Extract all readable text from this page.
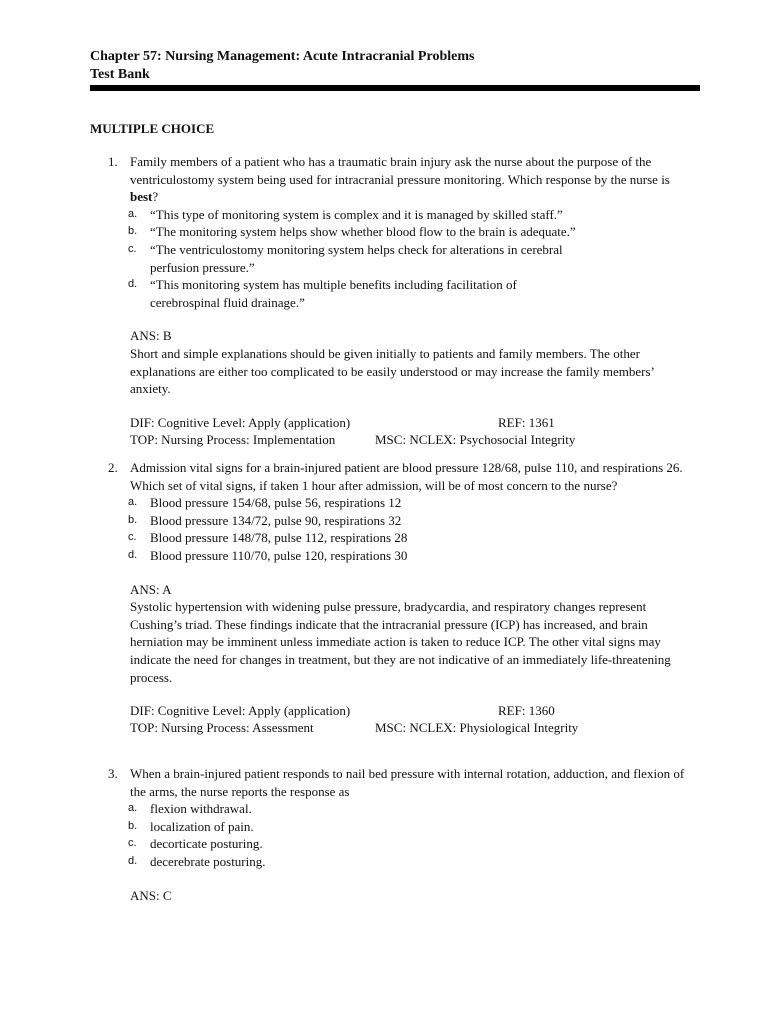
Chapter 57: Nursing Management: Acute Intracranial Problems
Test Bank
MULTIPLE CHOICE
1. Family members of a patient who has a traumatic brain injury ask the nurse about the purpose of the ventriculostomy system being used for intracranial pressure monitoring. Which response by the nurse is best?
a. “This type of monitoring system is complex and it is managed by skilled staff.”
b. “The monitoring system helps show whether blood flow to the brain is adequate.”
c. “The ventriculostomy monitoring system helps check for alterations in cerebral perfusion pressure.”
d. “This monitoring system has multiple benefits including facilitation of cerebrospinal fluid drainage.”
ANS: B
Short and simple explanations should be given initially to patients and family members. The other explanations are either too complicated to be easily understood or may increase the family members’ anxiety.
DIF: Cognitive Level: Apply (application)	REF: 1361
TOP: Nursing Process: Implementation	MSC: NCLEX: Psychosocial Integrity
2. Admission vital signs for a brain-injured patient are blood pressure 128/68, pulse 110, and respirations 26. Which set of vital signs, if taken 1 hour after admission, will be of most concern to the nurse?
a. Blood pressure 154/68, pulse 56, respirations 12
b. Blood pressure 134/72, pulse 90, respirations 32
c. Blood pressure 148/78, pulse 112, respirations 28
d. Blood pressure 110/70, pulse 120, respirations 30
ANS: A
Systolic hypertension with widening pulse pressure, bradycardia, and respiratory changes represent Cushing’s triad. These findings indicate that the intracranial pressure (ICP) has increased, and brain herniation may be imminent unless immediate action is taken to reduce ICP. The other vital signs may indicate the need for changes in treatment, but they are not indicative of an immediately life-threatening process.
DIF: Cognitive Level: Apply (application)	REF: 1360
TOP: Nursing Process: Assessment	MSC: NCLEX: Physiological Integrity
3. When a brain-injured patient responds to nail bed pressure with internal rotation, adduction, and flexion of the arms, the nurse reports the response as
a. flexion withdrawal.
b. localization of pain.
c. decorticate posturing.
d. decerebrate posturing.
ANS: C
